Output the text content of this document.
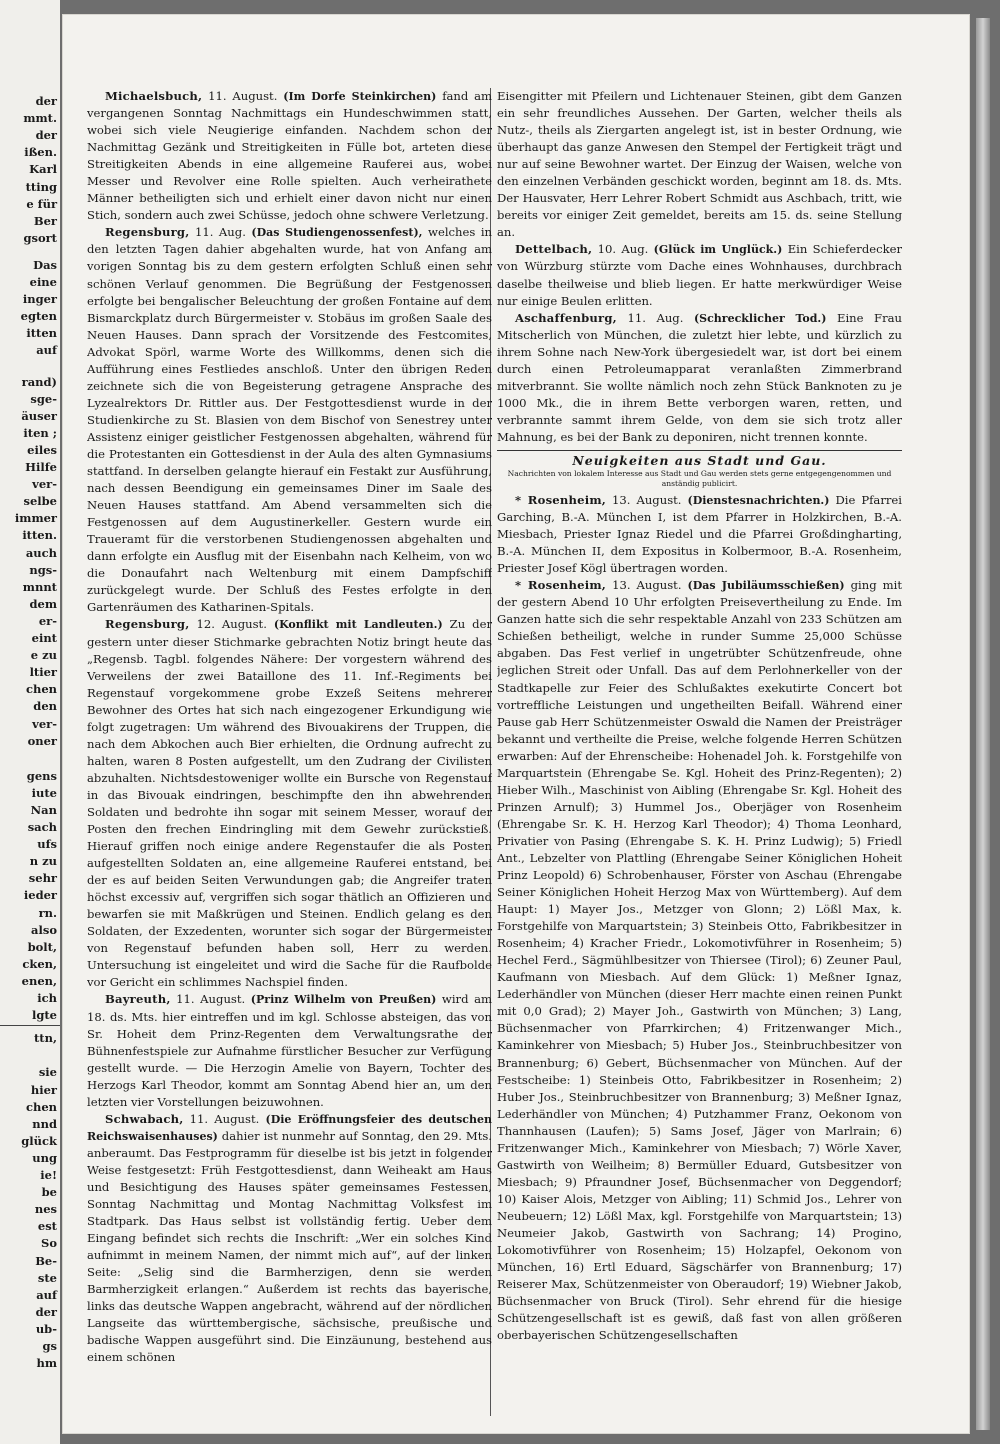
der
mmt.
der
ißen.
Karl
tting
e für
Ber
gsort
Das
eine
inger
egten
itten
auf
rand)
sge-
äuser
iten ;
eiles
Hilfe
ver-
selbe
immer
itten.
auch
ngs-
mnnt
dem
er-
eint
e zu
ltier
chen
den
ver-
oner
gens
iute
Nan
sach
ufs
n zu
sehr
ieder
rn.
also
bolt,
cken,
enen,
ich
lgte
ttn,
sie
hier
chen
nnd
glück
ung
ie!
be
nes
est
So
Be-
ste
auf
der
ub-
gs
hm

Michaelsbuch, 11. August. (Im Dorfe Steinkirchen) fand am vergangenen Sonntag Nachmittags ein Hundeschwimmen statt, wobei sich viele Neugierige einfanden. Nachdem schon der Nachmittag Gezänk und Streitigkeiten in Fülle bot, arteten diese Streitigkeiten Abends in eine allgemeine Rauferei aus, wobei Messer und Revolver eine Rolle spielten. Auch verheirathete Männer betheiligten sich und erhielt einer davon nicht nur einen Stich, sondern auch zwei Schüsse, jedoch ohne schwere Verletzung.

Regensburg, 11. Aug. (Das Studiengenossenfest), welches in den letzten Tagen dahier abgehalten wurde, hat von Anfang am vorigen Sonntag bis zu dem gestern erfolgten Schluß einen sehr schönen Verlauf genommen. Die Begrüßung der Festgenossen erfolgte bei bengalischer Beleuchtung der großen Fontaine auf dem Bismarckplatz durch Bürgermeister v. Stobäus im großen Saale des Neuen Hauses. Dann sprach der Vorsitzende des Festcomites, Advokat Spörl, warme Worte des Willkomms, denen sich die Aufführung eines Festliedes anschloß. Unter den übrigen Reden zeichnete sich die von Begeisterung getragene Ansprache des Lyzealrektors Dr. Rittler aus. Der Festgottesdienst wurde in der Studienkirche zu St. Blasien von dem Bischof von Senestrey unter Assistenz einiger geistlicher Festgenossen abgehalten, während für die Protestanten ein Gottesdienst in der Aula des alten Gymnasiums stattfand. In derselben gelangte hierauf ein Festakt zur Ausführung, nach dessen Beendigung ein gemeinsames Diner im Saale des Neuen Hauses stattfand. Am Abend versammelten sich die Festgenossen auf dem Augustinerkeller. Gestern wurde ein Traueramt für die verstorbenen Studiengenossen abgehalten und dann erfolgte ein Ausflug mit der Eisenbahn nach Kelheim, von wo die Donaufahrt nach Weltenburg mit einem Dampfschiff zurückgelegt wurde. Der Schluß des Festes erfolgte in den Gartenräumen des Katharinen-Spitals.

Regensburg, 12. August. (Konflikt mit Landleuten.) Zu der gestern unter dieser Stichmarke gebrachten Notiz bringt heute das „Regensb. Tagbl. folgendes Nähere: Der vorgestern während des Verweilens der zwei Bataillone des 11. Inf.-Regiments bei Regenstauf vorgekommene grobe Exzeß Seitens mehrerer Bewohner des Ortes hat sich nach eingezogener Erkundigung wie folgt zugetragen: Um während des Bivouakirens der Truppen, die nach dem Abkochen auch Bier erhielten, die Ordnung aufrecht zu halten, waren 8 Posten aufgestellt, um den Zudrang der Civilisten abzuhalten. Nichtsdestoweniger wollte ein Bursche von Regenstauf in das Bivouak eindringen, beschimpfte den ihn abwehrenden Soldaten und bedrohte ihn sogar mit seinem Messer, worauf der Posten den frechen Eindringling mit dem Gewehr zurückstieß. Hierauf griffen noch einige andere Regenstaufer die als Posten aufgestellten Soldaten an, eine allgemeine Rauferei entstand, bei der es auf beiden Seiten Verwundungen gab; die Angreifer traten höchst excessiv auf, vergriffen sich sogar thätlich an Offizieren und bewarfen sie mit Maßkrügen und Steinen. Endlich gelang es den Soldaten, der Exzedenten, worunter sich sogar der Bürgermeister von Regenstauf befunden haben soll, Herr zu werden. Untersuchung ist eingeleitet und wird die Sache für die Raufbolde vor Gericht ein schlimmes Nachspiel finden.

Bayreuth, 11. August. (Prinz Wilhelm von Preußen) wird am 18. ds. Mts. hier eintreffen und im kgl. Schlosse absteigen, das von Sr. Hoheit dem Prinz-Regenten dem Verwaltungsrathe der Bühnenfestspiele zur Aufnahme fürstlicher Besucher zur Verfügung gestellt wurde. — Die Herzogin Amelie von Bayern, Tochter des Herzogs Karl Theodor, kommt am Sonntag Abend hier an, um den letzten vier Vorstellungen beizuwohnen.

Schwabach, 11. August. (Die Eröffnungsfeier des deutschen Reichswaisenhauses) dahier ist nunmehr auf Sonntag, den 29. Mts. anberaumt. Das Festprogramm für dieselbe ist bis jetzt in folgender Weise festgesetzt: Früh Festgottesdienst, dann Weiheakt am Haus und Besichtigung des Hauses später gemeinsames Festessen, Sonntag Nachmittag und Montag Nachmittag Volksfest im Stadtpark. Das Haus selbst ist vollständig fertig. Ueber dem Eingang befindet sich rechts die Inschrift: „Wer ein solches Kind aufnimmt in meinem Namen, der nimmt mich auf“, auf der linken Seite: „Selig sind die Barmherzigen, denn sie werden Barmherzigkeit erlangen.“ Außerdem ist rechts das bayerische, links das deutsche Wappen angebracht, während auf der nördlichen Langseite das württembergische, sächsische, preußische und badische Wappen ausgeführt sind. Die Einzäunung, bestehend aus einem schönen

Eisengitter mit Pfeilern und Lichtenauer Steinen, gibt dem Ganzen ein sehr freundliches Aussehen. Der Garten, welcher theils als Nutz-, theils als Ziergarten angelegt ist, ist in bester Ordnung, wie überhaupt das ganze Anwesen den Stempel der Fertigkeit trägt und nur auf seine Bewohner wartet. Der Einzug der Waisen, welche von den einzelnen Verbänden geschickt worden, beginnt am 18. ds. Mts. Der Hausvater, Herr Lehrer Robert Schmidt aus Aschbach, tritt, wie bereits vor einiger Zeit gemeldet, bereits am 15. ds. seine Stellung an.

Dettelbach, 10. Aug. (Glück im Unglück.) Ein Schieferdecker von Würzburg stürzte vom Dache eines Wohnhauses, durchbrach daselbe theilweise und blieb liegen. Er hatte merkwürdiger Weise nur einige Beulen erlitten.

Aschaffenburg, 11. Aug. (Schrecklicher Tod.) Eine Frau Mitscherlich von München, die zuletzt hier lebte, und kürzlich zu ihrem Sohne nach New-York übergesiedelt war, ist dort bei einem durch einen Petroleumapparat veranlaßten Zimmerbrand mitverbrannt. Sie wollte nämlich noch zehn Stück Banknoten zu je 1000 Mk., die in ihrem Bette verborgen waren, retten, und verbrannte sammt ihrem Gelde, von dem sie sich trotz aller Mahnung, es bei der Bank zu deponiren, nicht trennen konnte.

Neuigkeiten aus Stadt und Gau.
Nachrichten von lokalem Interesse aus Stadt und Gau werden stets gerne entgegengenommen und anständig publicirt.

* Rosenheim, 13. August. (Dienstesnachrichten.) Die Pfarrei Garching, B.-A. München I, ist dem Pfarrer in Holzkirchen, B.-A. Miesbach, Priester Ignaz Riedel und die Pfarrei Großdingharting, B.-A. München II, dem Expositus in Kolbermoor, B.-A. Rosenheim, Priester Josef Kögl übertragen worden.

* Rosenheim, 13. August. (Das Jubiläumsschießen) ging mit der gestern Abend 10 Uhr erfolgten Preisevertheilung zu Ende. Im Ganzen hatte sich die sehr respektable Anzahl von 233 Schützen am Schießen betheiligt, welche in runder Summe 25,000 Schüsse abgaben. Das Fest verlief in ungetrübter Schützenfreude, ohne jeglichen Streit oder Unfall. Das auf dem Perlohnerkeller von der Stadtkapelle zur Feier des Schlußaktes exekutirte Concert bot vortreffliche Leistungen und ungetheilten Beifall. Während einer Pause gab Herr Schützenmeister Oswald die Namen der Preisträger bekannt und vertheilte die Preise, welche folgende Herren Schützen erwarben: Auf der Ehrenscheibe: Hohenadel Joh. k. Forstgehilfe von Marquartstein (Ehrengabe Se. Kgl. Hoheit des Prinz-Regenten); 2) Hieber Wilh., Maschinist von Aibling (Ehrengabe Sr. Kgl. Hoheit des Prinzen Arnulf); 3) Hummel Jos., Oberjäger von Rosenheim (Ehrengabe Sr. K. H. Herzog Karl Theodor); 4) Thoma Leonhard, Privatier von Pasing (Ehrengabe S. K. H. Prinz Ludwig); 5) Friedl Ant., Lebzelter von Plattling (Ehrengabe Seiner Königlichen Hoheit Prinz Leopold) 6) Schrobenhauser, Förster von Aschau (Ehrengabe Seiner Königlichen Hoheit Herzog Max von Württemberg). Auf dem Haupt: 1) Mayer Jos., Metzger von Glonn; 2) Lößl Max, k. Forstgehilfe von Marquartstein; 3) Steinbeis Otto, Fabrikbesitzer in Rosenheim; 4) Kracher Friedr., Lokomotivführer in Rosenheim; 5) Hechel Ferd., Sägmühlbesitzer von Thiersee (Tirol); 6) Zeuner Paul, Kaufmann von Miesbach. Auf dem Glück: 1) Meßner Ignaz, Lederhändler von München (dieser Herr machte einen reinen Punkt mit 0,0 Grad); 2) Mayer Joh., Gastwirth von München; 3) Lang, Büchsenmacher von Pfarrkirchen; 4) Fritzenwanger Mich., Kaminkehrer von Miesbach; 5) Huber Jos., Steinbruchbesitzer von Brannenburg; 6) Gebert, Büchsenmacher von München. Auf der Festscheibe: 1) Steinbeis Otto, Fabrikbesitzer in Rosenheim; 2) Huber Jos., Steinbruchbesitzer von Brannenburg; 3) Meßner Ignaz, Lederhändler von München; 4) Putzhammer Franz, Oekonom von Thannhausen (Laufen); 5) Sams Josef, Jäger von Marlrain; 6) Fritzenwanger Mich., Kaminkehrer von Miesbach; 7) Wörle Xaver, Gastwirth von Weilheim; 8) Bermüller Eduard, Gutsbesitzer von Miesbach; 9) Pfraundner Josef, Büchsenmacher von Deggendorf; 10) Kaiser Alois, Metzger von Aibling; 11) Schmid Jos., Lehrer von Neubeuern; 12) Lößl Max, kgl. Forstgehilfe von Marquartstein; 13) Neumeier Jakob, Gastwirth von Sachrang; 14) Progino, Lokomotivführer von Rosenheim; 15) Holzapfel, Oekonom von München, 16) Ertl Eduard, Sägschärfer von Brannenburg; 17) Reiserer Max, Schützenmeister von Oberaudorf; 19) Wiebner Jakob, Büchsenmacher von Bruck (Tirol). Sehr ehrend für die hiesige Schützengesellschaft ist es gewiß, daß fast von allen größeren oberbayerischen Schützengesellschaften
